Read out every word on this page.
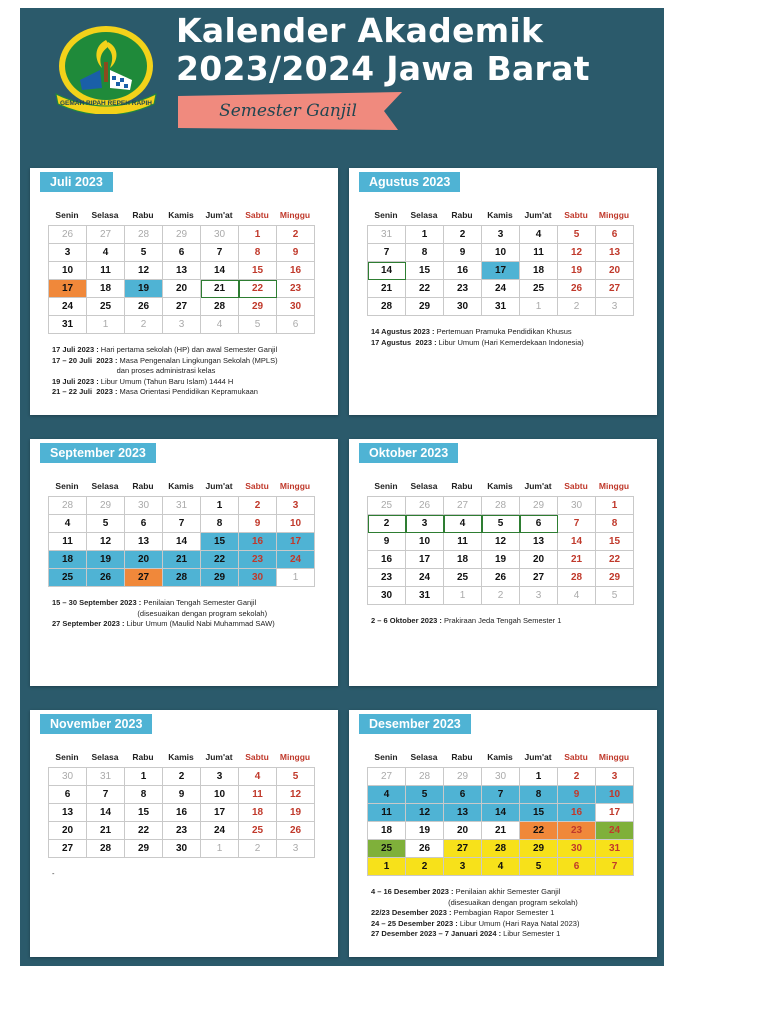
GEMAH RIPAH REPEH RAPIH
Kalender Akademik
2023/2024 Jawa Barat
Semester Ganjil
Juli 2023
Senin	Selasa	Rabu	Kamis	Jum'at	Sabtu	Minggu
26	27	28	29	30	1	2
3	4	5	6	7	8	9
10	11	12	13	14	15	16
17	18	19	20	21	22	23
24	25	26	27	28	29	30
31	1	2	3	4	5	6
17 Juli 2023 : Hari pertama sekolah (HP) dan awal Semester Ganjil
17 – 20 Juli  2023 : Masa Pengenalan Lingkungan Sekolah (MPLS)
dan proses administrasi kelas
19 Juli 2023 : Libur Umum (Tahun Baru Islam) 1444 H
21 – 22 Juli  2023 : Masa Orientasi Pendidikan Kepramukaan
Agustus 2023
Senin	Selasa	Rabu	Kamis	Jum'at	Sabtu	Minggu
31	1	2	3	4	5	6
7	8	9	10	11	12	13
14	15	16	17	18	19	20
21	22	23	24	25	26	27
28	29	30	31	1	2	3
14 Agustus 2023 : Pertemuan Pramuka Pendidikan Khusus
17 Agustus  2023 : Libur Umum (Hari Kemerdekaan Indonesia)
September 2023
Senin	Selasa	Rabu	Kamis	Jum'at	Sabtu	Minggu
28	29	30	31	1	2	3
4	5	6	7	8	9	10
11	12	13	14	15	16	17
18	19	20	21	22	23	24
25	26	27	28	29	30	1
15 – 30 September 2023 : Penilaian Tengah Semester Ganjil
(disesuaikan dengan program sekolah)
27 September 2023 : Libur Umum (Maulid Nabi Muhammad SAW)
Oktober 2023
Senin	Selasa	Rabu	Kamis	Jum'at	Sabtu	Minggu
25	26	27	28	29	30	1
2	3	4	5	6	7	8
9	10	11	12	13	14	15
16	17	18	19	20	21	22
23	24	25	26	27	28	29
30	31	1	2	3	4	5
2 – 6 Oktober 2023 : Prakiraan Jeda Tengah Semester 1
November 2023
Senin	Selasa	Rabu	Kamis	Jum'at	Sabtu	Minggu
30	31	1	2	3	4	5
6	7	8	9	10	11	12
13	14	15	16	17	18	19
20	21	22	23	24	25	26
27	28	29	30	1	2	3
-
Desember 2023
Senin	Selasa	Rabu	Kamis	Jum'at	Sabtu	Minggu
27	28	29	30	1	2	3
4	5	6	7	8	9	10
11	12	13	14	15	16	17
18	19	20	21	22	23	24
25	26	27	28	29	30	31
1	2	3	4	5	6	7
4 – 16 Desember 2023 : Penilaian akhir Semester Ganjil
(disesuaikan dengan program sekolah)
22/23 Desember 2023 : Pembagian Rapor Semester 1
24 – 25 Desember 2023 : Libur Umum (Hari Raya Natal 2023)
27 Desember 2023 – 7 Januari 2024 : Libur Semester 1
